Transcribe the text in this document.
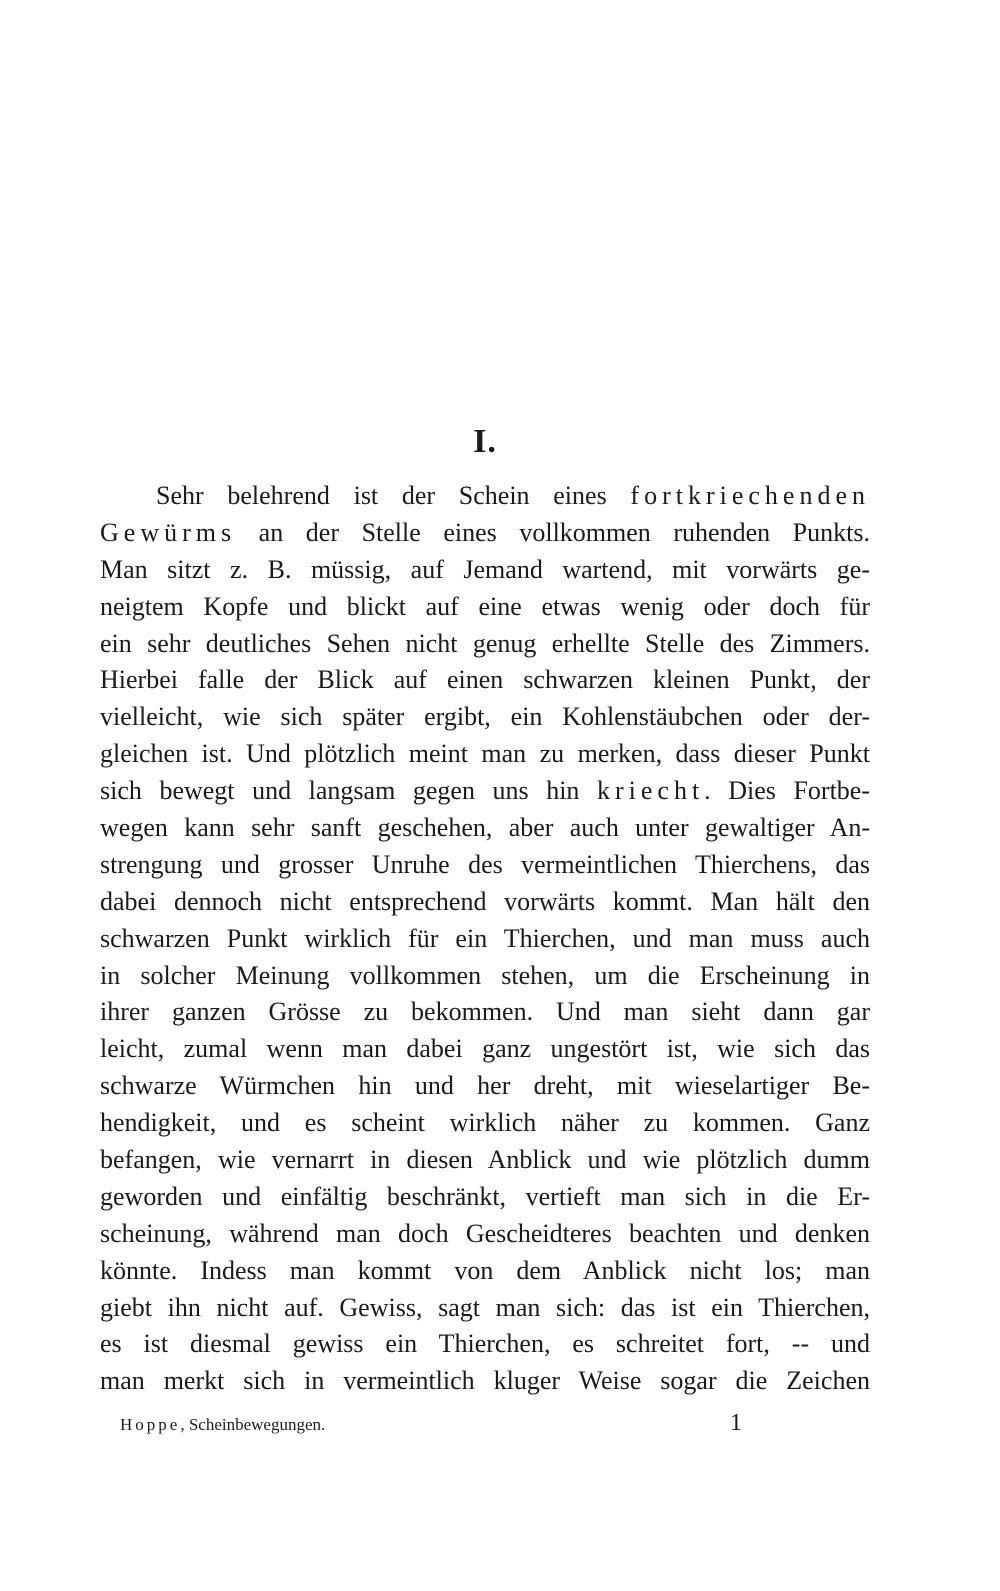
I.
Sehr belehrend ist der Schein eines fortkriechenden
Gewürms an der Stelle eines vollkommen ruhenden Punkts.
Man sitzt z. B. müssig, auf Jemand wartend, mit vorwärts ge-
neigtem Kopfe und blickt auf eine etwas wenig oder doch für
ein sehr deutliches Sehen nicht genug erhellte Stelle des Zimmers.
Hierbei falle der Blick auf einen schwarzen kleinen Punkt, der
vielleicht, wie sich später ergibt, ein Kohlenstäubchen oder der-
gleichen ist. Und plötzlich meint man zu merken, dass dieser Punkt
sich bewegt und langsam gegen uns hin kriecht. Dies Fortbe-
wegen kann sehr sanft geschehen, aber auch unter gewaltiger An-
strengung und grosser Unruhe des vermeintlichen Thierchens, das
dabei dennoch nicht entsprechend vorwärts kommt. Man hält den
schwarzen Punkt wirklich für ein Thierchen, und man muss auch
in solcher Meinung vollkommen stehen, um die Erscheinung in
ihrer ganzen Grösse zu bekommen. Und man sieht dann gar
leicht, zumal wenn man dabei ganz ungestört ist, wie sich das
schwarze Würmchen hin und her dreht, mit wieselartiger Be-
hendigkeit, und es scheint wirklich näher zu kommen. Ganz
befangen, wie vernarrt in diesen Anblick und wie plötzlich dumm
geworden und einfältig beschränkt, vertieft man sich in die Er-
scheinung, während man doch Gescheidteres beachten und denken
könnte. Indess man kommt von dem Anblick nicht los; man
giebt ihn nicht auf. Gewiss, sagt man sich: das ist ein Thierchen,
es ist diesmal gewiss ein Thierchen, es schreitet fort, -- und
man merkt sich in vermeintlich kluger Weise sogar die Zeichen
Hoppe, Scheinbewegungen.	1
